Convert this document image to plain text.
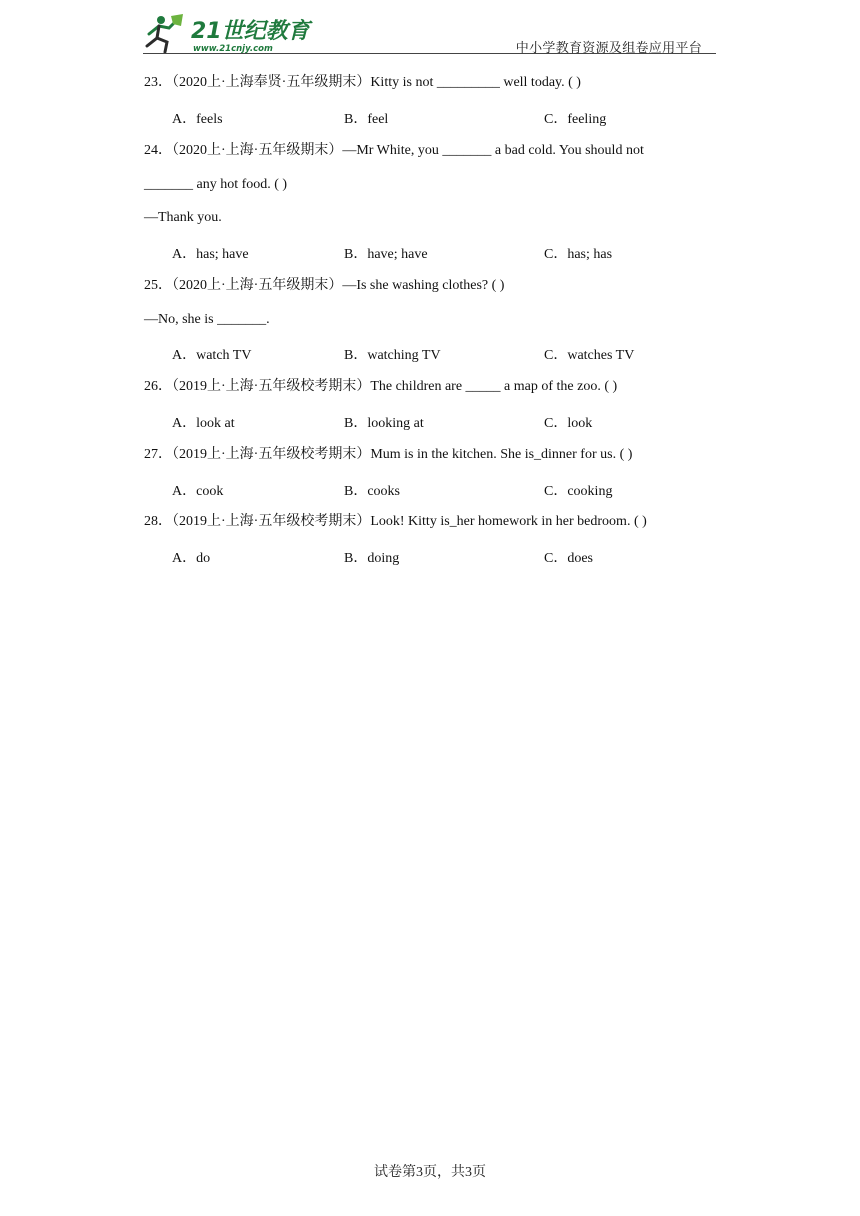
21世纪教育
www.21cnjy.com	中小学教育资源及组卷应用平台
23．（2020上·上海奉贤·五年级期末）Kitty is not _________ well today. ( )
A．feels	B．feel	C．feeling
24．（2020上·上海·五年级期末）—Mr White, you _______ a bad cold. You should not
_______ any hot food. ( )
—Thank you.
A．has; have	B．have; have	C．has; has
25．（2020上·上海·五年级期末）—Is she washing clothes? ( )
—No, she is _______.
A．watch TV	B．watching TV	C．watches TV
26．（2019上·上海·五年级校考期末）The children are _____ a map of the zoo. ( )
A．look at	B．looking at	C．look
27．（2019上·上海·五年级校考期末）Mum is in the kitchen. She is_dinner for us. ( )
A．cook	B．cooks	C．cooking
28．（2019上·上海·五年级校考期末）Look! Kitty is_her homework in her bedroom. ( )
A．do	B．doing	C．does
试卷第3页，共3页
